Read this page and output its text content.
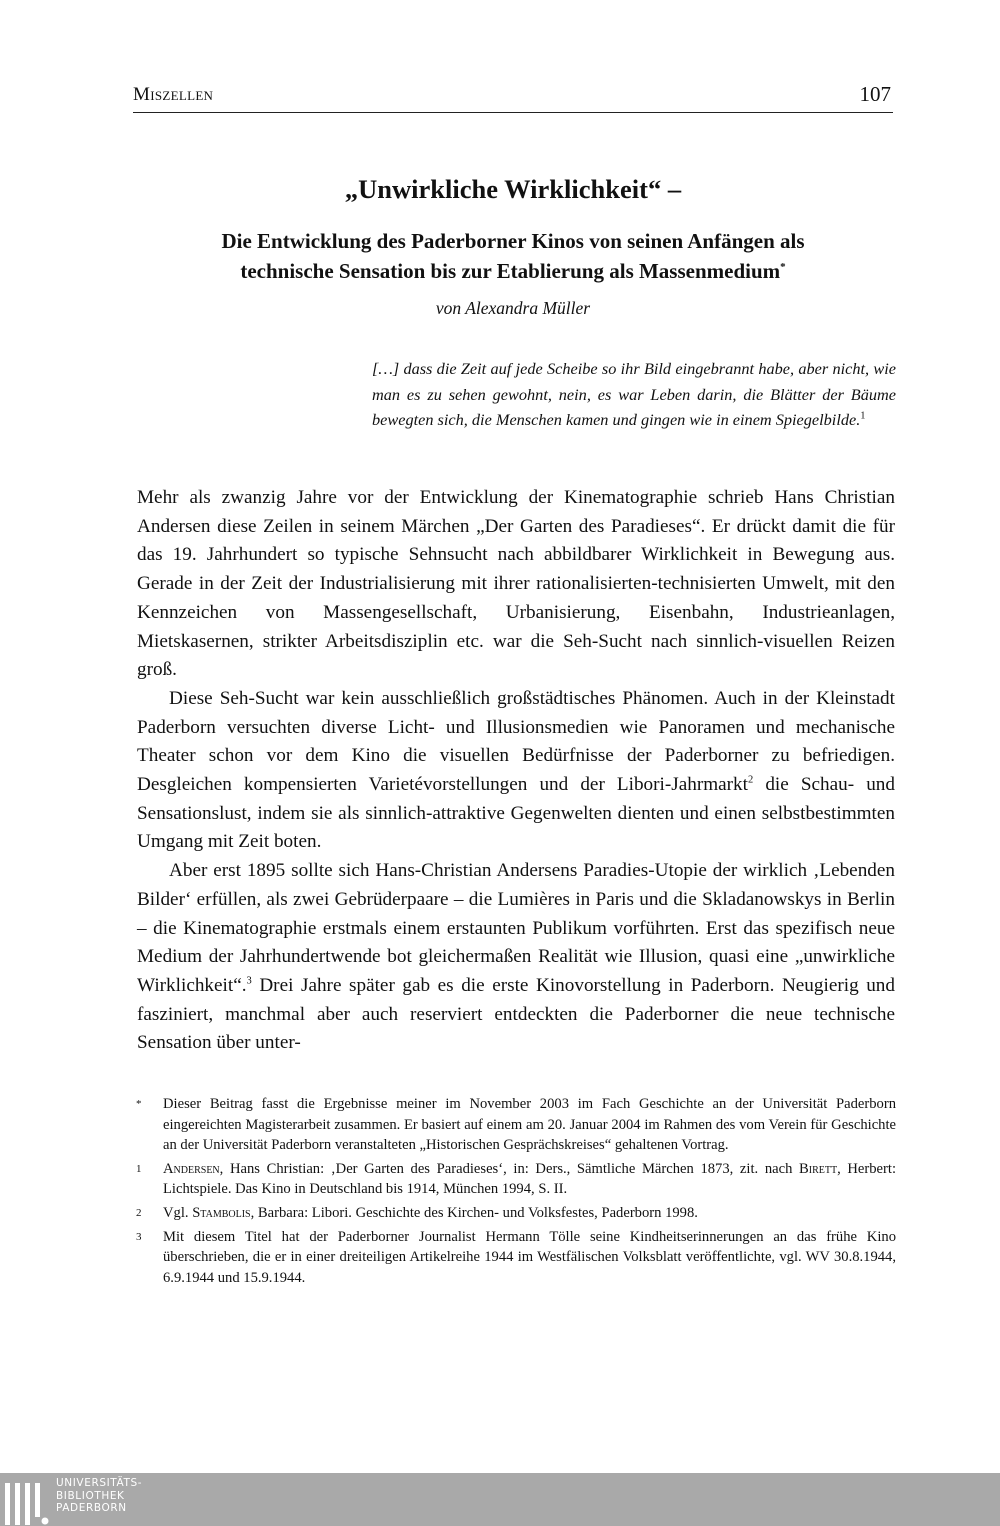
Miszellen	107
„Unwirkliche Wirklichkeit“ –
Die Entwicklung des Paderborner Kinos von seinen Anfängen als
technische Sensation bis zur Etablierung als Massenmedium*
von Alexandra Müller
[…] dass die Zeit auf jede Scheibe so ihr Bild eingebrannt habe, aber nicht, wie man es zu sehen gewohnt, nein, es war Leben darin, die Blätter der Bäume bewegten sich, die Menschen kamen und gingen wie in einem Spiegelbilde.$^1$

Mehr als zwanzig Jahre vor der Entwicklung der Kinematographie schrieb Hans Christian Andersen diese Zeilen in seinem Märchen „Der Garten des Paradieses“. Er drückt damit die für das 19. Jahrhundert so typische Sehnsucht nach abbildbarer Wirklichkeit in Bewegung aus. Gerade in der Zeit der Industrialisierung mit ihrer rationalisierten-technisierten Umwelt, mit den Kennzeichen von Massengesellschaft, Urbanisierung, Eisenbahn, Industrieanlagen, Mietskasernen, strikter Arbeitsdisziplin etc. war die Seh-Sucht nach sinnlich-visuellen Reizen groß.

Diese Seh-Sucht war kein ausschließlich großstädtisches Phänomen. Auch in der Kleinstadt Paderborn versuchten diverse Licht- und Illusionsmedien wie Panoramen und mechanische Theater schon vor dem Kino die visuellen Bedürfnisse der Paderborner zu befriedigen. Desgleichen kompensierten Varietévorstellungen und der Libori-Jahrmarkt$^2$ die Schau- und Sensationslust, indem sie als sinnlich-attraktive Gegenwelten dienten und einen selbstbestimmten Umgang mit Zeit boten.

Aber erst 1895 sollte sich Hans-Christian Andersens Paradies-Utopie der wirklich ‚Lebenden Bilder‘ erfüllen, als zwei Gebrüderpaare – die Lumières in Paris und die Skladanowskys in Berlin – die Kinematographie erstmals einem erstaunten Publikum vorführten. Erst das spezifisch neue Medium der Jahrhundertwende bot gleichermaßen Realität wie Illusion, quasi eine „unwirkliche Wirklichkeit“.$^3$ Drei Jahre später gab es die erste Kinovorstellung in Paderborn. Neugierig und fasziniert, manchmal aber auch reserviert entdeckten die Paderborner die neue technische Sensation über unter-

* Dieser Beitrag fasst die Ergebnisse meiner im November 2003 im Fach Geschichte an der Universität Paderborn eingereichten Magisterarbeit zusammen. Er basiert auf einem am 20. Januar 2004 im Rahmen des vom Verein für Geschichte an der Universität Paderborn veranstalteten „Historischen Gesprächskreises“ gehaltenen Vortrag.
1 Andersen, Hans Christian: ‚Der Garten des Paradieses‘, in: Ders., Sämtliche Märchen 1873, zit. nach Birett, Herbert: Lichtspiele. Das Kino in Deutschland bis 1914, München 1994, S. II.
2 Vgl. Stambolis, Barbara: Libori. Geschichte des Kirchen- und Volksfestes, Paderborn 1998.
3 Mit diesem Titel hat der Paderborner Journalist Hermann Tölle seine Kindheitserinnerungen an das frühe Kino überschrieben, die er in einer dreiteiligen Artikelreihe 1944 im Westfälischen Volksblatt veröffentlichte, vgl. WV 30.8.1944, 6.9.1944 und 15.9.1944.
UNIVERSITÄTS-
BIBLIOTHEK
PADERBORN
